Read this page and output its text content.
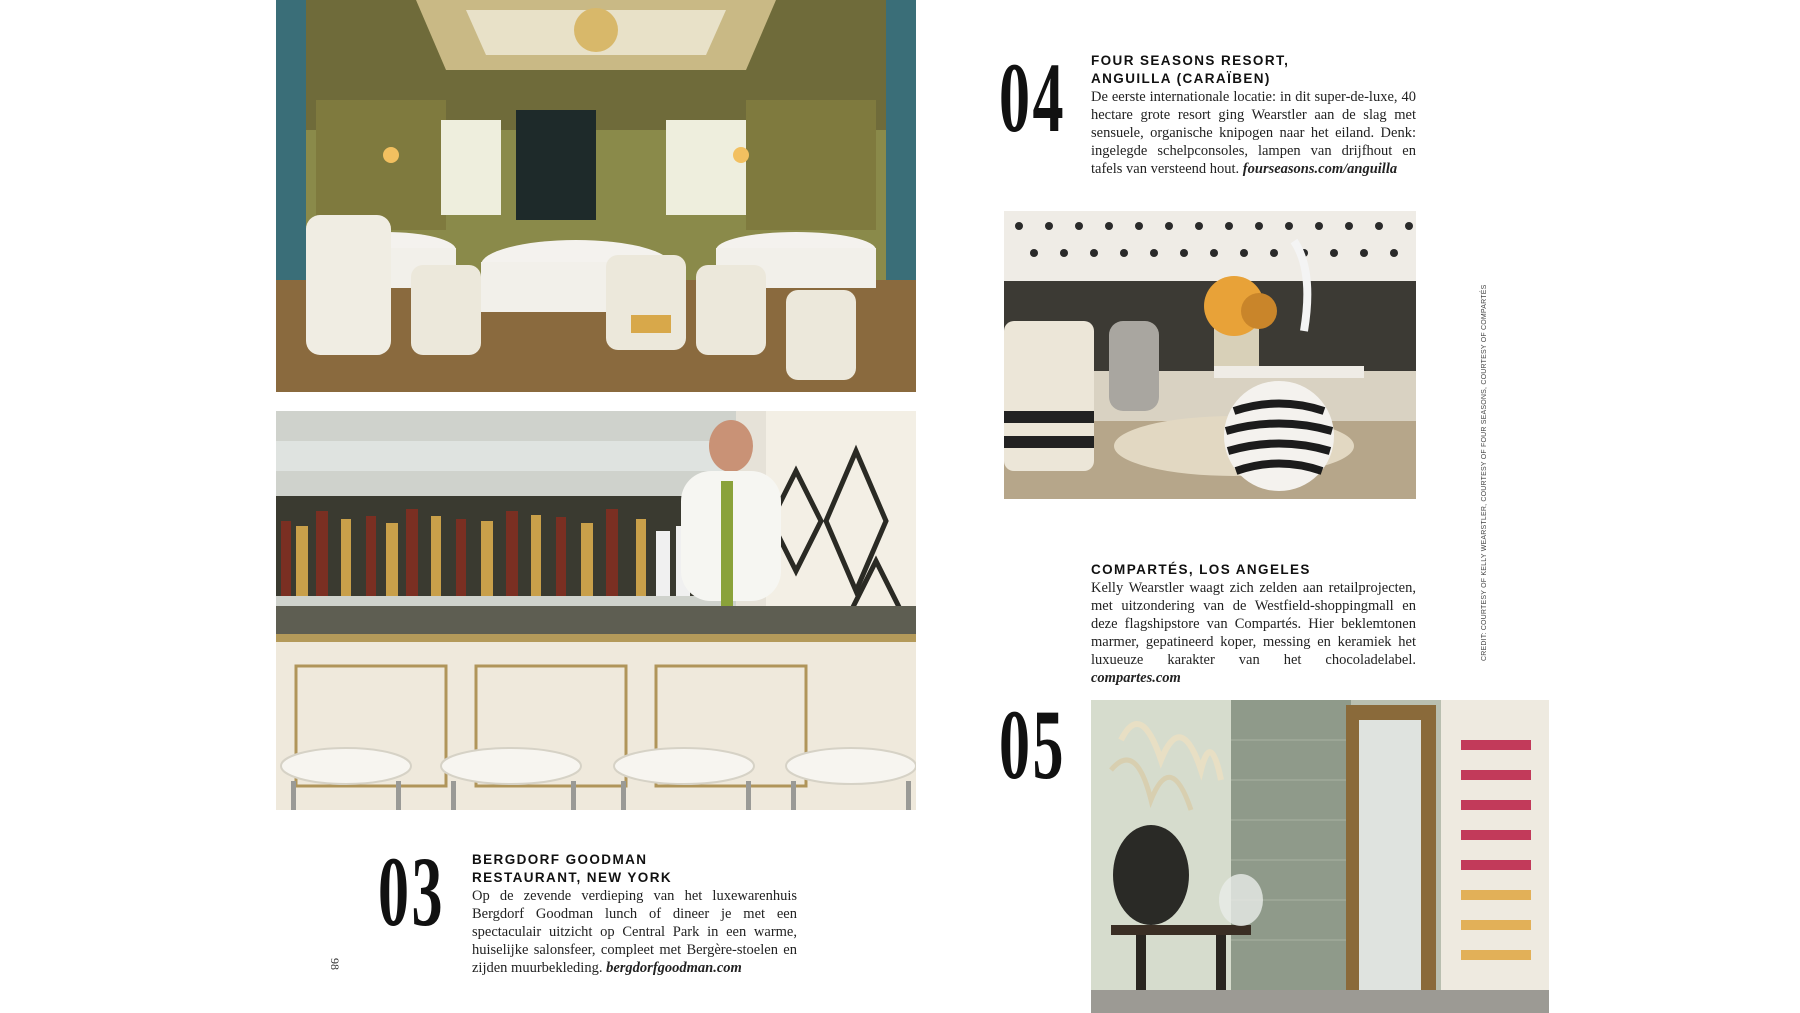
03 BERGDORF GOODMAN
RESTAURANT, NEW YORK
Op de zevende verdieping van het luxewarenhuis Bergdorf Goodman lunch of dineer je met een spectaculair uitzicht op Central Park in een warme, huiselijke salonsfeer, compleet met Bergère-stoelen en zijden muurbekleding. bergdorfgoodman.com
98
04 FOUR SEASONS RESORT,
ANGUILLA (CARAÏBEN)
De eerste internationale locatie: in dit super-de-luxe, 40 hectare grote resort ging Wearstler aan de slag met sensuele, organische knipogen naar het eiland. Denk: ingelegde schelpconsoles, lampen van drijfhout en tafels van versteend hout. fourseasons.com/anguilla
COMPARTÉS, LOS ANGELES
Kelly Wearstler waagt zich zelden aan retailprojecten, met uitzondering van de Westfield-shoppingmall en deze flagshipstore van Compartés. Hier beklemtonen marmer, gepatineerd koper, messing en keramiek het luxueuze karakter van het chocoladelabel. compartes.com
05
CREDIT: COURTESY OF KELLY WEARSTLER, COURTESY OF FOUR SEASONS, COURTESY OF COMPARTÉS
